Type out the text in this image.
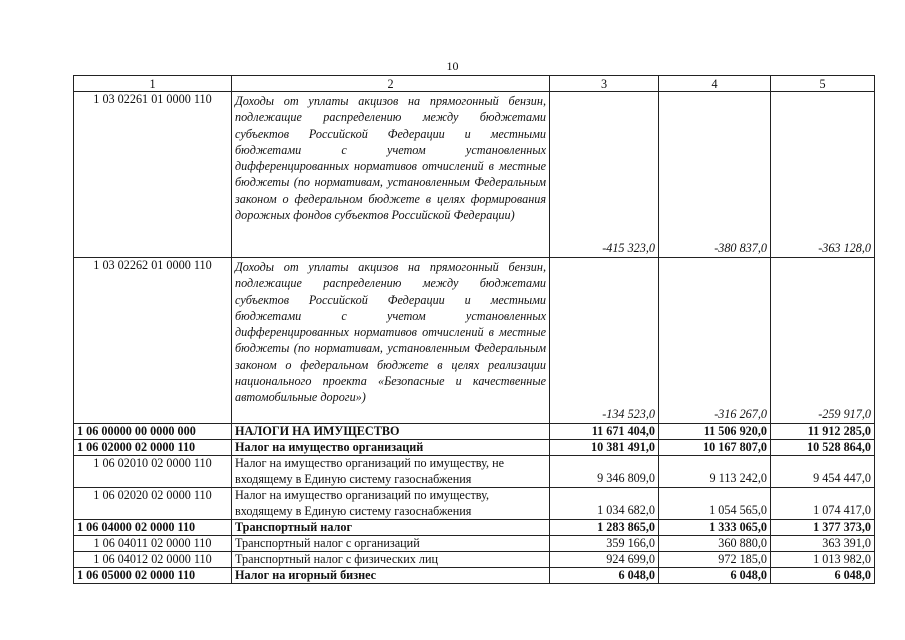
10
1	2	3	4	5
1 03 02261 01 0000 110	Доходы от уплаты акцизов на прямогонный бензин, подлежащие распределению между бюджетами субъектов Российской Федерации и местными бюджетами с учетом установленных дифференцированных нормативов отчислений в местные бюджеты (по нормативам, установленным Федеральным законом о федеральном бюджете в целях формирования дорожных фондов субъектов Российской Федерации)	-415 323,0	-380 837,0	-363 128,0
1 03 02262 01 0000 110	Доходы от уплаты акцизов на прямогонный бензин, подлежащие распределению между бюджетами субъектов Российской Федерации и местными бюджетами с учетом установленных дифференцированных нормативов отчислений в местные бюджеты (по нормативам, установленным Федеральным законом о федеральном бюджете в целях реализации национального проекта «Безопасные и качественные автомобильные дороги»)	-134 523,0	-316 267,0	-259 917,0
1 06 00000 00 0000 000	НАЛОГИ НА ИМУЩЕСТВО	11 671 404,0	11 506 920,0	11 912 285,0
1 06 02000 02 0000 110	Налог на имущество организаций	10 381 491,0	10 167 807,0	10 528 864,0
1 06 02010 02 0000 110	Налог на имущество организаций по имуществу, не входящему в Единую систему газоснабжения	9 346 809,0	9 113 242,0	9 454 447,0
1 06 02020 02 0000 110	Налог на имущество организаций по имуществу, входящему в Единую систему газоснабжения	1 034 682,0	1 054 565,0	1 074 417,0
1 06 04000 02 0000 110	Транспортный налог	1 283 865,0	1 333 065,0	1 377 373,0
1 06 04011 02 0000 110	Транспортный налог с организаций	359 166,0	360 880,0	363 391,0
1 06 04012 02 0000 110	Транспортный налог с физических лиц	924 699,0	972 185,0	1 013 982,0
1 06 05000 02 0000 110	Налог на игорный бизнес	6 048,0	6 048,0	6 048,0
